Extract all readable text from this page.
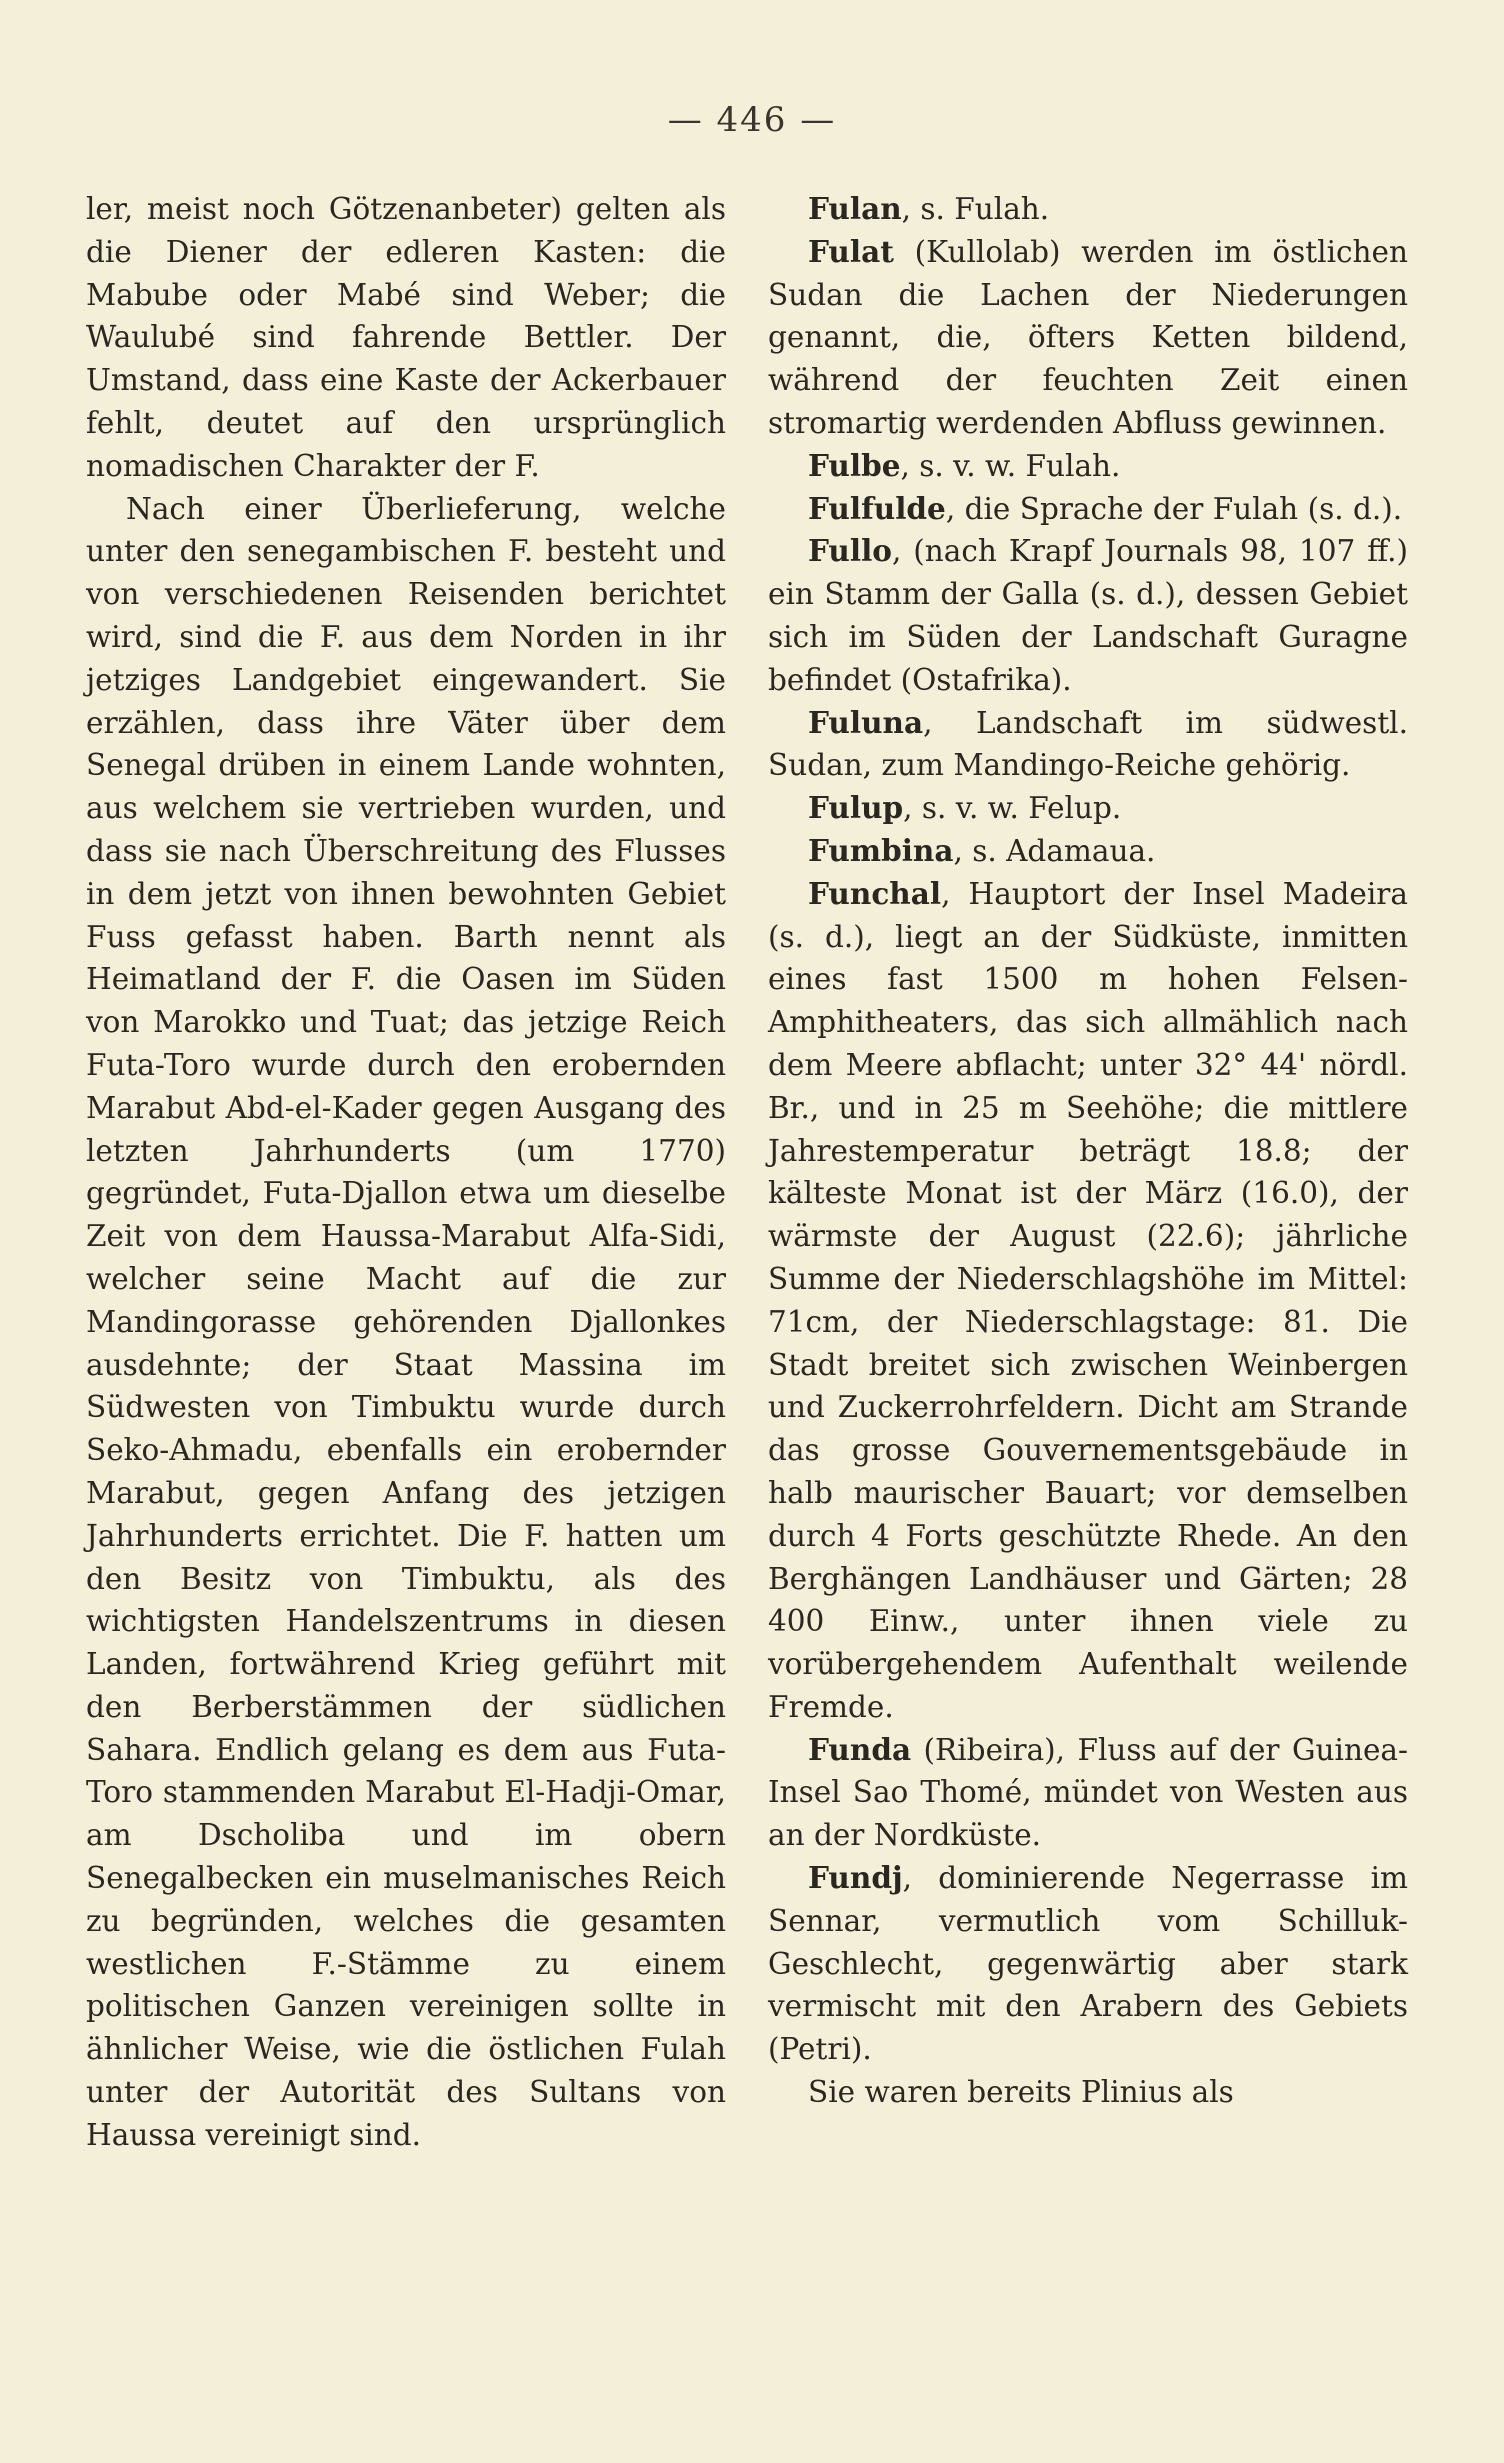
— 446 —

ler, meist noch Götzenanbeter) gelten als die Diener der edleren Kasten: die Mabube oder Mabé sind Weber; die Waulubé sind fahrende Bettler. Der Umstand, dass eine Kaste der Ackerbauer fehlt, deutet auf den ursprünglich nomadischen Charakter der F.

Nach einer Überlieferung, welche unter den senegambischen F. besteht und von verschiedenen Reisenden berichtet wird, sind die F. aus dem Norden in ihr jetziges Landgebiet eingewandert. Sie erzählen, dass ihre Väter über dem Senegal drüben in einem Lande wohnten, aus welchem sie vertrieben wurden, und dass sie nach Überschreitung des Flusses in dem jetzt von ihnen bewohnten Gebiet Fuss gefasst haben. Barth nennt als Heimatland der F. die Oasen im Süden von Marokko und Tuat; das jetzige Reich Futa-Toro wurde durch den erobernden Marabut Abd-el-Kader gegen Ausgang des letzten Jahrhunderts (um 1770) gegründet, Futa-Djallon etwa um dieselbe Zeit von dem Haussa-Marabut Alfa-Sidi, welcher seine Macht auf die zur Mandingorasse gehörenden Djallonkes ausdehnte; der Staat Massina im Südwesten von Timbuktu wurde durch Seko-Ahmadu, ebenfalls ein erobernder Marabut, gegen Anfang des jetzigen Jahrhunderts errichtet. Die F. hatten um den Besitz von Timbuktu, als des wichtigsten Handelszentrums in diesen Landen, fortwährend Krieg geführt mit den Berberstämmen der südlichen Sahara. Endlich gelang es dem aus Futa-Toro stammenden Marabut El-Hadji-Omar, am Dscholiba und im obern Senegalbecken ein muselmanisches Reich zu begründen, welches die gesamten westlichen F.-Stämme zu einem politischen Ganzen vereinigen sollte in ähnlicher Weise, wie die östlichen Fulah unter der Autorität des Sultans von Haussa vereinigt sind.

Fulan, s. Fulah.

Fulat (Kullolab) werden im östlichen Sudan die Lachen der Niederungen genannt, die, öfters Ketten bildend, während der feuchten Zeit einen stromartig werdenden Abfluss gewinnen.

Fulbe, s. v. w. Fulah.

Fulfulde, die Sprache der Fulah (s. d.).

Fullo, (nach Krapf Journals 98, 107 ff.) ein Stamm der Galla (s. d.), dessen Gebiet sich im Süden der Landschaft Guragne befindet (Ostafrika).

Fuluna, Landschaft im südwestl. Sudan, zum Mandingo-Reiche gehörig.

Fulup, s. v. w. Felup.

Fumbina, s. Adamaua.

Funchal, Hauptort der Insel Madeira (s. d.), liegt an der Südküste, inmitten eines fast 1500 m hohen Felsen-Amphitheaters, das sich allmählich nach dem Meere abflacht; unter 32° 44' nördl. Br., und in 25 m Seehöhe; die mittlere Jahrestemperatur beträgt 18.8; der kälteste Monat ist der März (16.0), der wärmste der August (22.6); jährliche Summe der Niederschlagshöhe im Mittel: 71cm, der Niederschlagstage: 81. Die Stadt breitet sich zwischen Weinbergen und Zuckerrohrfeldern. Dicht am Strande das grosse Gouvernementsgebäude in halb maurischer Bauart; vor demselben durch 4 Forts geschützte Rhede. An den Berghängen Landhäuser und Gärten; 28 400 Einw., unter ihnen viele zu vorübergehendem Aufenthalt weilende Fremde.

Funda (Ribeira), Fluss auf der Guinea-Insel Sao Thomé, mündet von Westen aus an der Nordküste.

Fundj, dominierende Negerrasse im Sennar, vermutlich vom Schilluk-Geschlecht, gegenwärtig aber stark vermischt mit den Arabern des Gebiets (Petri).

Sie waren bereits Plinius als
